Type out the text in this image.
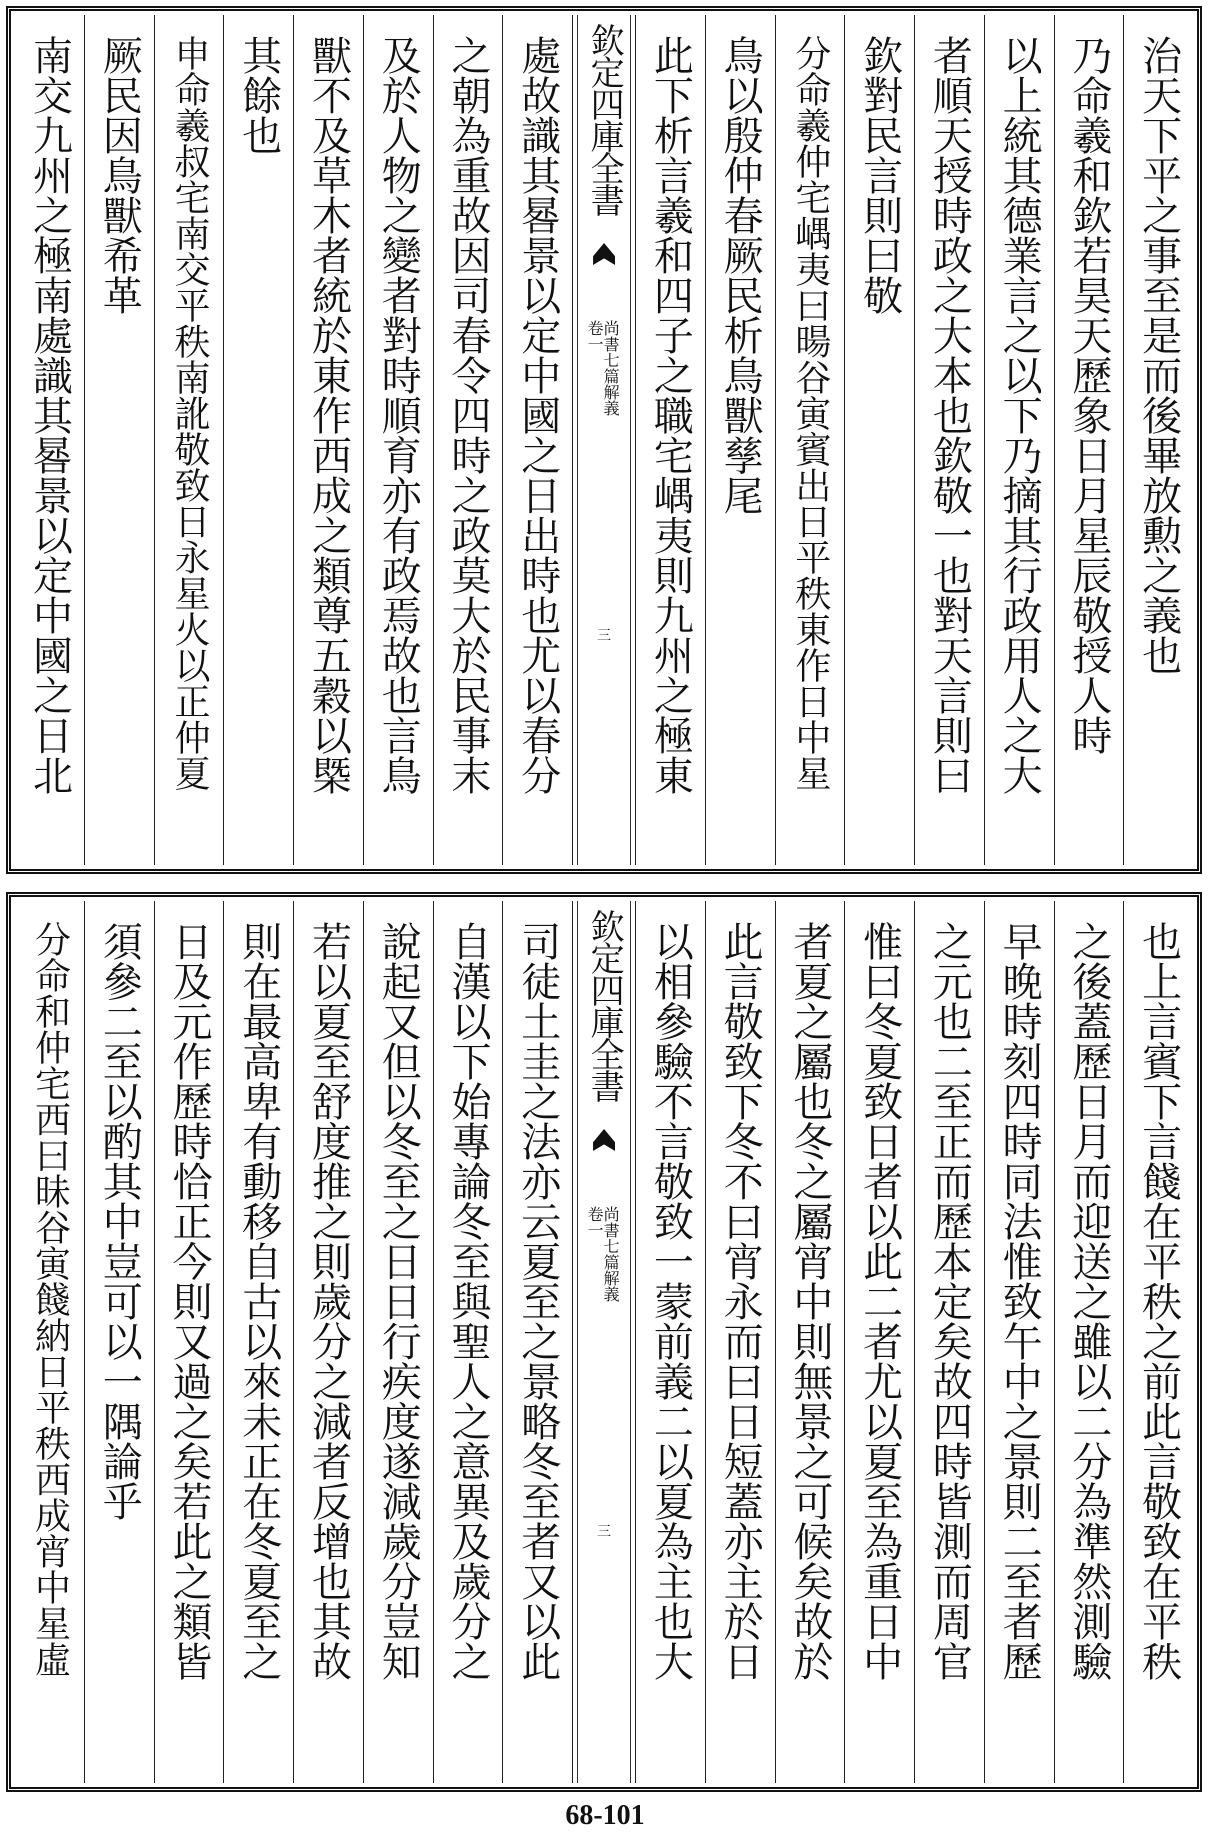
治天下平之事至是而後畢放勲之義也
乃命羲和欽若昊天歷象日月星辰敬授人時
以上統其德業言之以下乃摘其行政用人之大
者順天授時政之大本也欽敬一也對天言則曰
欽對民言則曰敬
分命羲仲宅嵎夷曰暘谷寅賓出日平秩東作日中星
鳥以殷仲春厥民析鳥獸孳尾
此下析言羲和四子之職宅嵎夷則九州之極東
欽定四庫全書
尚書七篇解義
卷一
三
處故識其晷景以定中國之日出時也尤以春分
之朝為重故因司春令四時之政莫大於民事末
及於人物之變者對時順育亦有政焉故也言鳥
獸不及草木者統於東作西成之類尊五穀以槩
其餘也
申命羲叔宅南交平秩南訛敬致日永星火以正仲夏
厥民因鳥獸希革
南交九州之極南處識其晷景以定中國之日北
也上言賓下言餞在平秩之前此言敬致在平秩
之後蓋歷日月而迎送之雖以二分為準然測驗
早晚時刻四時同法惟致午中之景則二至者歷
之元也二至正而歷本定矣故四時皆測而周官
惟曰冬夏致日者以此二者尤以夏至為重日中
者夏之屬也冬之屬宵中則無景之可候矣故於
此言敬致下冬不曰宵永而曰日短蓋亦主於日
以相參驗不言敬致一蒙前義二以夏為主也大
欽定四庫全書
尚書七篇解義
卷一
三
司徒土圭之法亦云夏至之景略冬至者又以此
自漢以下始專論冬至與聖人之意異及歲分之
說起又但以冬至之日日行疾度遂減歲分豈知
若以夏至舒度推之則歲分之減者反增也其故
則在最高卑有動移自古以來未正在冬夏至之
日及元作歷時恰正今則又過之矣若此之類皆
須參二至以酌其中豈可以一隅論乎
分命和仲宅西曰昧谷寅餞納日平秩西成宵中星虛
68-101
